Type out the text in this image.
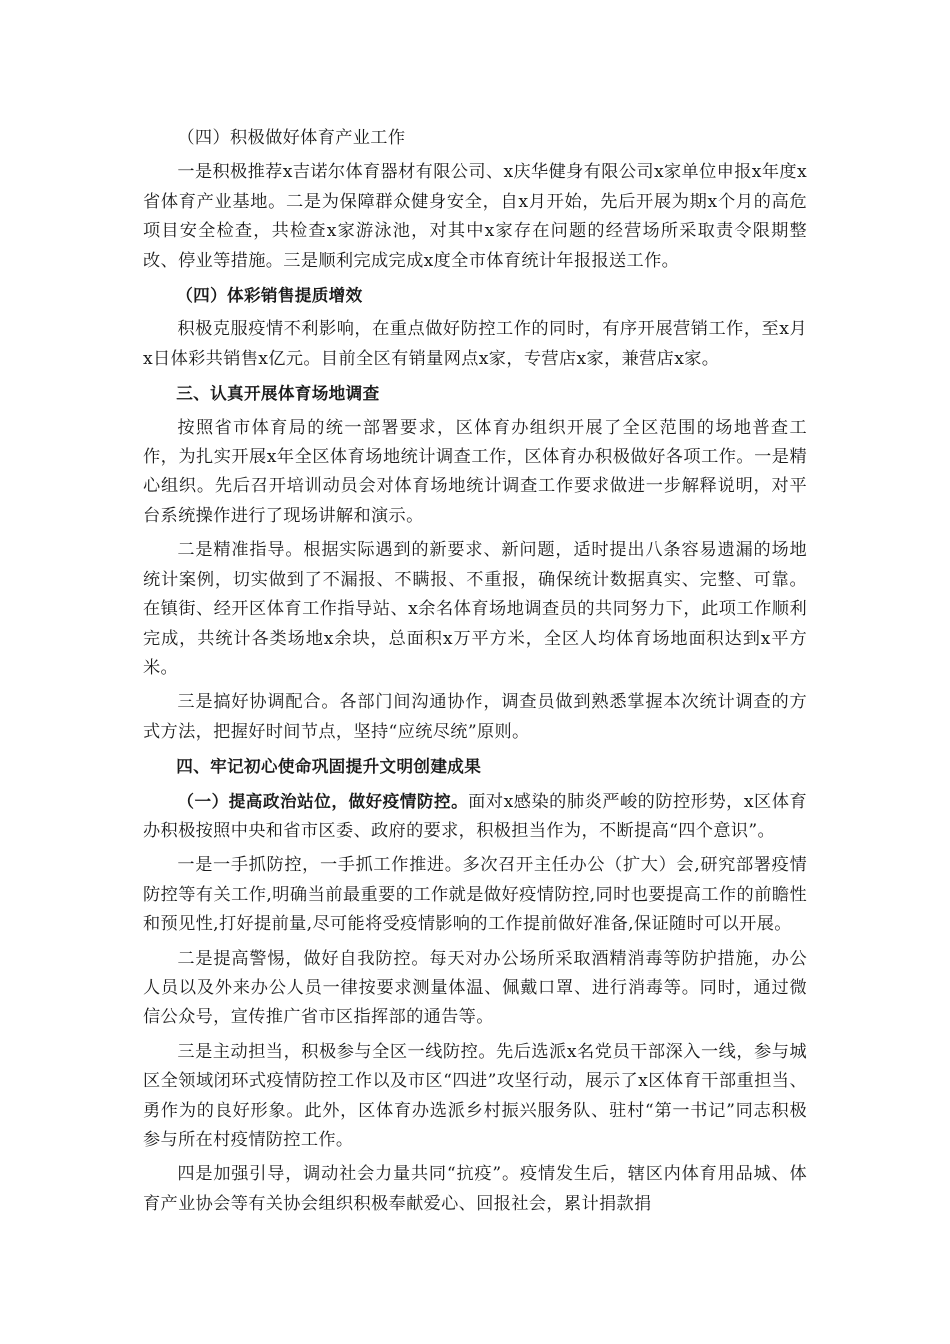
（四）积极做好体育产业工作

一是积极推荐x吉诺尔体育器材有限公司、x庆华健身有限公司x家单位申报x年度x省体育产业基地。二是为保障群众健身安全，自x月开始，先后开展为期x个月的高危项目安全检查，共检查x家游泳池，对其中x家存在问题的经营场所采取责令限期整改、停业等措施。三是顺利完成完成x度全市体育统计年报报送工作。

（四）体彩销售提质增效

积极克服疫情不利影响，在重点做好防控工作的同时，有序开展营销工作，至x月x日体彩共销售x亿元。目前全区有销量网点x家，专营店x家，兼营店x家。

三、认真开展体育场地调查

按照省市体育局的统一部署要求，区体育办组织开展了全区范围的场地普查工作，为扎实开展x年全区体育场地统计调查工作，区体育办积极做好各项工作。一是精心组织。先后召开培训动员会对体育场地统计调查工作要求做进一步解释说明，对平台系统操作进行了现场讲解和演示。

二是精准指导。根据实际遇到的新要求、新问题，适时提出八条容易遗漏的场地统计案例，切实做到了不漏报、不瞒报、不重报，确保统计数据真实、完整、可靠。在镇街、经开区体育工作指导站、x余名体育场地调查员的共同努力下，此项工作顺利完成，共统计各类场地x余块，总面积x万平方米，全区人均体育场地面积达到x平方米。

三是搞好协调配合。各部门间沟通协作，调查员做到熟悉掌握本次统计调查的方式方法，把握好时间节点，坚持“应统尽统”原则。

四、牢记初心使命巩固提升文明创建成果

（一）提高政治站位，做好疫情防控。面对x感染的肺炎严峻的防控形势，x区体育办积极按照中央和省市区委、政府的要求，积极担当作为，不断提高“四个意识”。

一是一手抓防控，一手抓工作推进。多次召开主任办公（扩大）会,研究部署疫情防控等有关工作,明确当前最重要的工作就是做好疫情防控,同时也要提高工作的前瞻性和预见性,打好提前量,尽可能将受疫情影响的工作提前做好准备,保证随时可以开展。

二是提高警惕，做好自我防控。每天对办公场所采取酒精消毒等防护措施，办公人员以及外来办公人员一律按要求测量体温、佩戴口罩、进行消毒等。同时，通过微信公众号，宣传推广省市区指挥部的通告等。

三是主动担当，积极参与全区一线防控。先后选派x名党员干部深入一线，参与城区全领域闭环式疫情防控工作以及市区“四进”攻坚行动，展示了x区体育干部重担当、勇作为的良好形象。此外，区体育办选派乡村振兴服务队、驻村“第一书记”同志积极参与所在村疫情防控工作。

四是加强引导，调动社会力量共同“抗疫”。疫情发生后，辖区内体育用品城、体育产业协会等有关协会组织积极奉献爱心、回报社会，累计捐款捐
